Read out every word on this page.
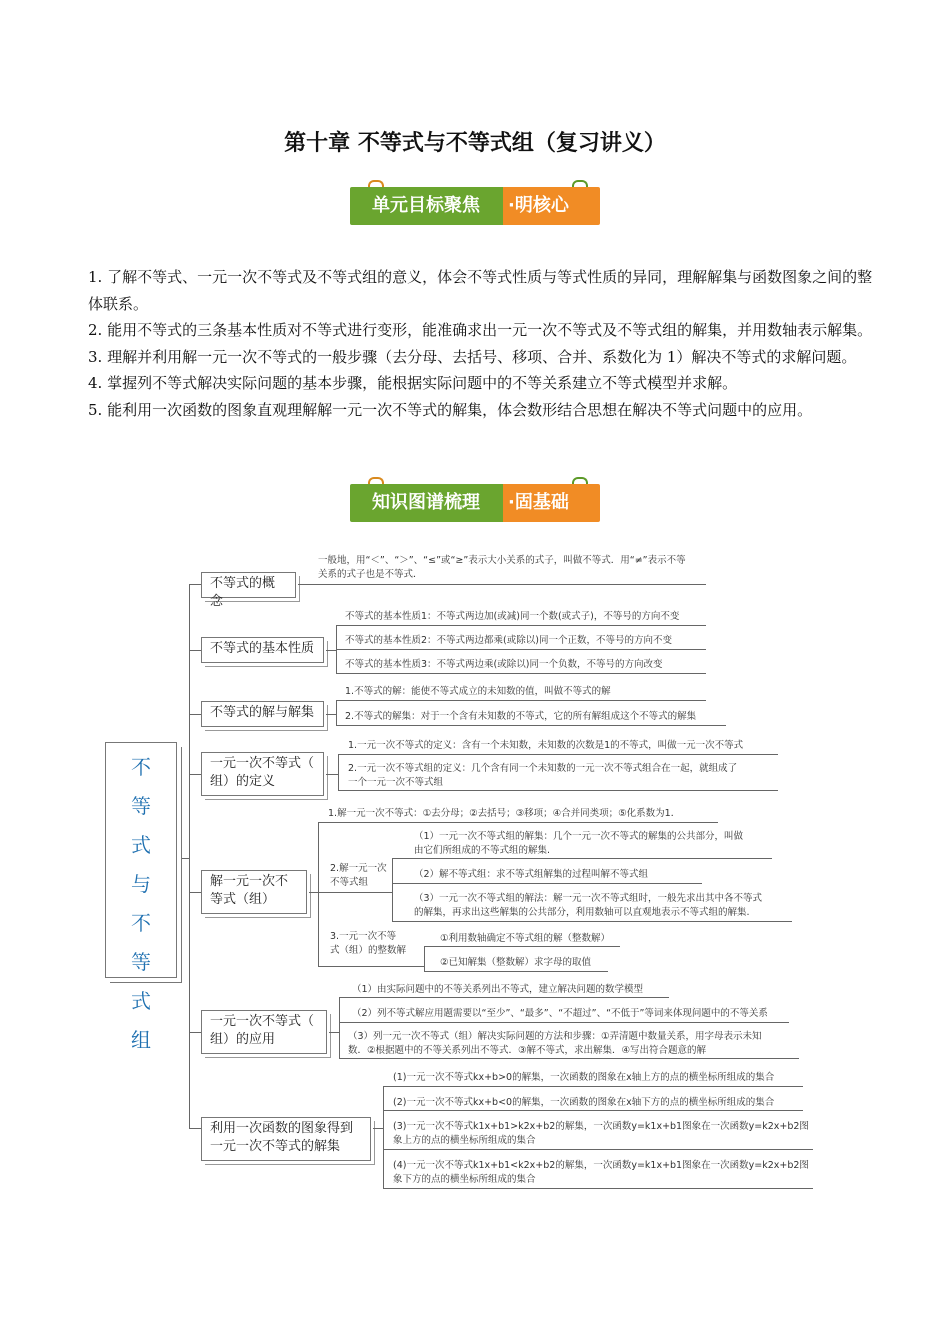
第十章 不等式与不等式组（复习讲义）
单元目标聚焦	·明核心

1. 了解不等式、一元一次不等式及不等式组的意义，体会不等式性质与等式性质的异同，理解解集与函数图象之间的整体联系。

2. 能用不等式的三条基本性质对不等式进行变形，能准确求出一元一次不等式及不等式组的解集，并用数轴表示解集。

3. 理解并利用解一元一次不等式的一般步骤（去分母、去括号、移项、合并、系数化为 1）解决不等式的求解问题。

4. 掌握列不等式解决实际问题的基本步骤，能根据实际问题中的不等关系建立不等式模型并求解。

5. 能利用一次函数的图象直观理解解一元一次不等式的解集，体会数形结合思想在解决不等式问题中的应用。

知识图谱梳理	·固基础
不
等
式
与
不
等
式
组
不等式的概念
一般地，用“＜”、“＞”、“≤”或“≥”表示大小关系的式子，叫做不等式．用“≠”表示不等
关系的式子也是不等式．
不等式的基本性质
不等式的基本性质1：不等式两边加(或减)同一个数(或式子)，不等号的方向不变
不等式的基本性质2：不等式两边都乘(或除以)同一个正数，不等号的方向不变
不等式的基本性质3：不等式两边乘(或除以)同一个负数，不等号的方向改变
不等式的解与解集
1.不等式的解：能使不等式成立的未知数的值，叫做不等式的解
2.不等式的解集：对于一个含有未知数的不等式，它的所有解组成这个不等式的解集
一元一次不等式（
组）的定义
1.一元一次不等式的定义：含有一个未知数，未知数的次数是1的不等式，叫做一元一次不等式
2.一元一次不等式组的定义：几个含有同一个未知数的一元一次不等式组合在一起，就组成了
一个一元一次不等式组
解一元一次不
等式（组）
1.解一元一次不等式：①去分母；②去括号；③移项；④合并同类项；⑤化系数为1．
2.解一元一次
不等式组
（1）一元一次不等式组的解集：几个一元一次不等式的解集的公共部分，叫做
由它们所组成的不等式组的解集.
（2）解不等式组：求不等式组解集的过程叫解不等式组
（3）一元一次不等式组的解法：解一元一次不等式组时，一般先求出其中各不等式
的解集，再求出这些解集的公共部分，利用数轴可以直观地表示不等式组的解集.
3.一元一次不等
式（组）的整数解
①利用数轴确定不等式组的解（整数解）
②已知解集（整数解）求字母的取值
一元一次不等式（
组）的应用
（1）由实际问题中的不等关系列出不等式，建立解决问题的数学模型
（2）列不等式解应用题需要以“至少”、“最多”、“不超过”、“不低于”等词来体现问题中的不等关系
（3）列一元一次不等式（组）解决实际问题的方法和步骤：①弄清题中数量关系，用字母表示未知
数．②根据题中的不等关系列出不等式．③解不等式，求出解集．④写出符合题意的解
利用一次函数的图象得到
一元一次不等式的解集
(1)一元一次不等式kx+b>0的解集，一次函数的图象在x轴上方的点的横坐标所组成的集合
(2)一元一次不等式kx+b<0的解集，一次函数的图象在x轴下方的点的横坐标所组成的集合
(3)一元一次不等式k1x+b1>k2x+b2的解集，一次函数y=k1x+b1图象在一次函数y=k2x+b2图
象上方的点的横坐标所组成的集合
(4)一元一次不等式k1x+b1<k2x+b2的解集，一次函数y=k1x+b1图象在一次函数y=k2x+b2图
象下方的点的横坐标所组成的集合
